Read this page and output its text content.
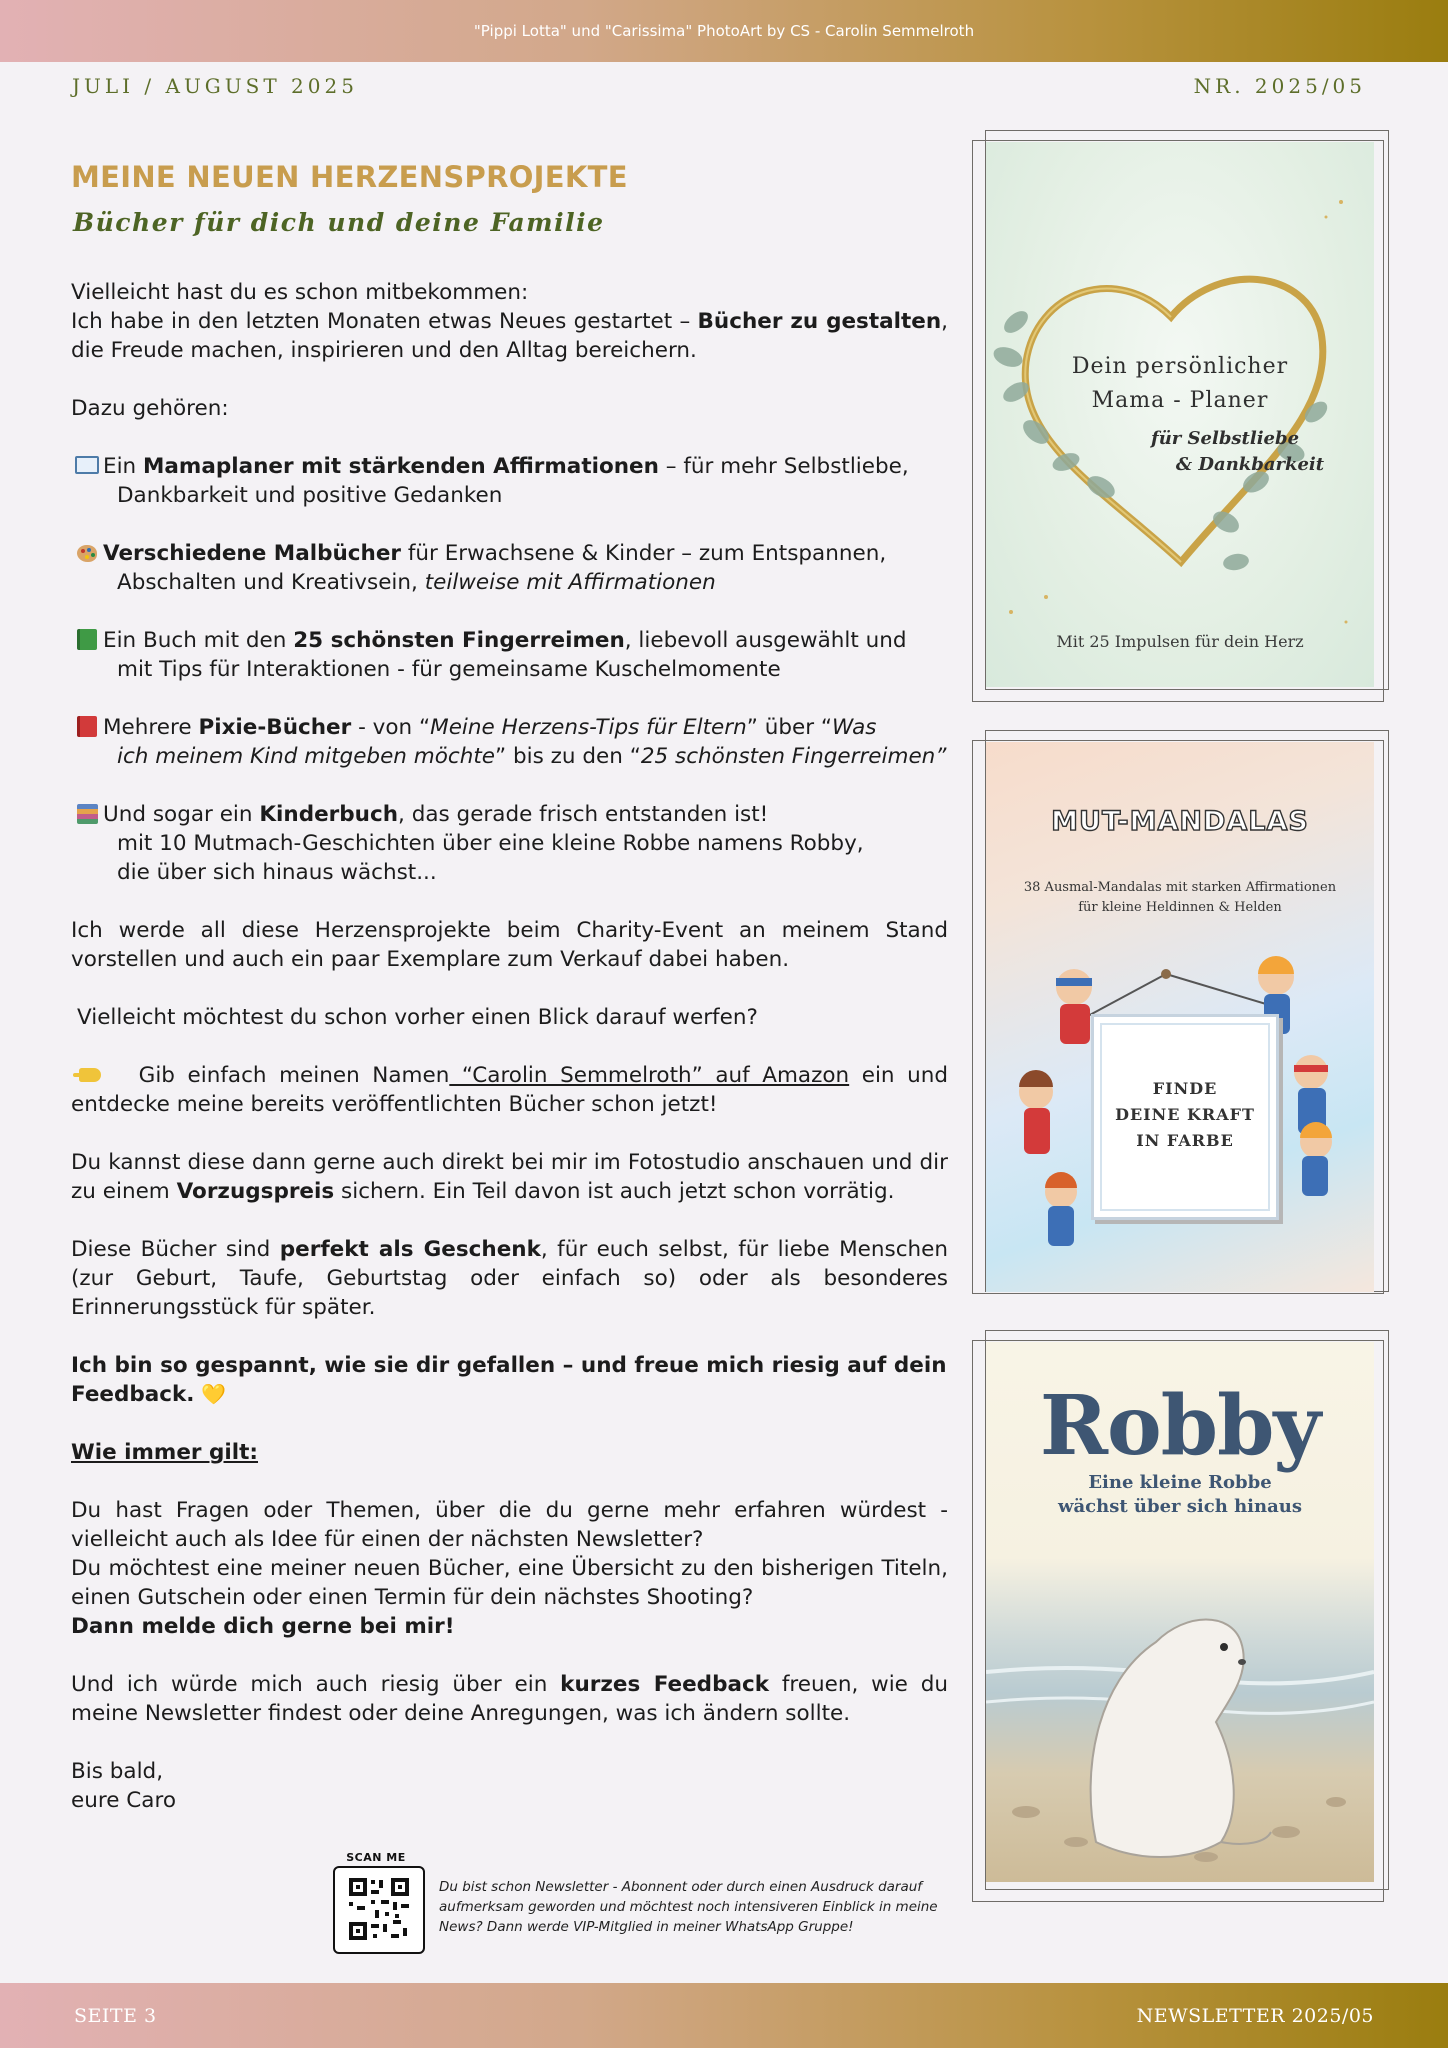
"Pippi Lotta" und "Carissima" PhotoArt by CS - Carolin Semmelroth
JULI / AUGUST 2025	NR. 2025/05
MEINE NEUEN HERZENSPROJEKTE
Bücher für dich und deine Familie

Vielleicht hast du es schon mitbekommen:
Ich habe in den letzten Monaten etwas Neues gestartet – Bücher zu gestalten, die Freude machen, inspirieren und den Alltag bereichern.

Dazu gehören:

Ein Mamaplaner mit stärkenden Affirmationen – für mehr Selbstliebe,
Dankbarkeit und positive Gedanken
Verschiedene Malbücher für Erwachsene & Kinder – zum Entspannen,
Abschalten und Kreativsein, teilweise mit Affirmationen
Ein Buch mit den 25 schönsten Fingerreimen, liebevoll ausgewählt und
mit Tips für Interaktionen - für gemeinsame Kuschelmomente
Mehrere Pixie-Bücher - von “Meine Herzens-Tips für Eltern” über “Was
ich meinem Kind mitgeben möchte” bis zu den “25 schönsten Fingerreimen”
Und sogar ein Kinderbuch, das gerade frisch entstanden ist!
mit 10 Mutmach-Geschichten über eine kleine Robbe namens Robby,
die über sich hinaus wächst...

Ich werde all diese Herzensprojekte beim Charity-Event an meinem Stand vorstellen und auch ein paar Exemplare zum Verkauf dabei haben.

Vielleicht möchtest du schon vorher einen Blick darauf werfen?

Gib einfach meinen Namen “Carolin Semmelroth” auf Amazon ein und entdecke meine bereits veröffentlichten Bücher schon jetzt!

Du kannst diese dann gerne auch direkt bei mir im Fotostudio anschauen und dir zu einem Vorzugspreis sichern. Ein Teil davon ist auch jetzt schon vorrätig.

Diese Bücher sind perfekt als Geschenk, für euch selbst, für liebe Menschen (zur Geburt, Taufe, Geburtstag oder einfach so) oder als besonderes Erinnerungsstück für später.

Ich bin so gespannt, wie sie dir gefallen – und freue mich riesig auf dein Feedback. 💛

Wie immer gilt:

Du hast Fragen oder Themen, über die du gerne mehr erfahren würdest - vielleicht auch als Idee für einen der nächsten Newsletter?
Du möchtest eine meiner neuen Bücher, eine Übersicht zu den bisherigen Titeln, einen Gutschein oder einen Termin für dein nächstes Shooting?
Dann melde dich gerne bei mir!

Und ich würde mich auch riesig über ein kurzes Feedback freuen, wie du meine Newsletter findest oder deine Anregungen, was ich ändern sollte.

Bis bald,
eure Caro

Dein persönlicher
Mama - Planer
für Selbstliebe
& Dankbarkeit
Mit 25 Impulsen für dein Herz
MUT-MANDALAS
38 Ausmal-Mandalas mit starken Affirmationen
für kleine Heldinnen & Helden
FINDE
DEINE KRAFT
IN FARBE
Robby
Eine kleine Robbe
wächst über sich hinaus
SCAN ME
Du bist schon Newsletter - Abonnent oder durch einen Ausdruck darauf aufmerksam geworden und möchtest noch intensiveren Einblick in meine News? Dann werde VIP-Mitglied in meiner WhatsApp Gruppe!
SEITE 3	NEWSLETTER 2025/05
